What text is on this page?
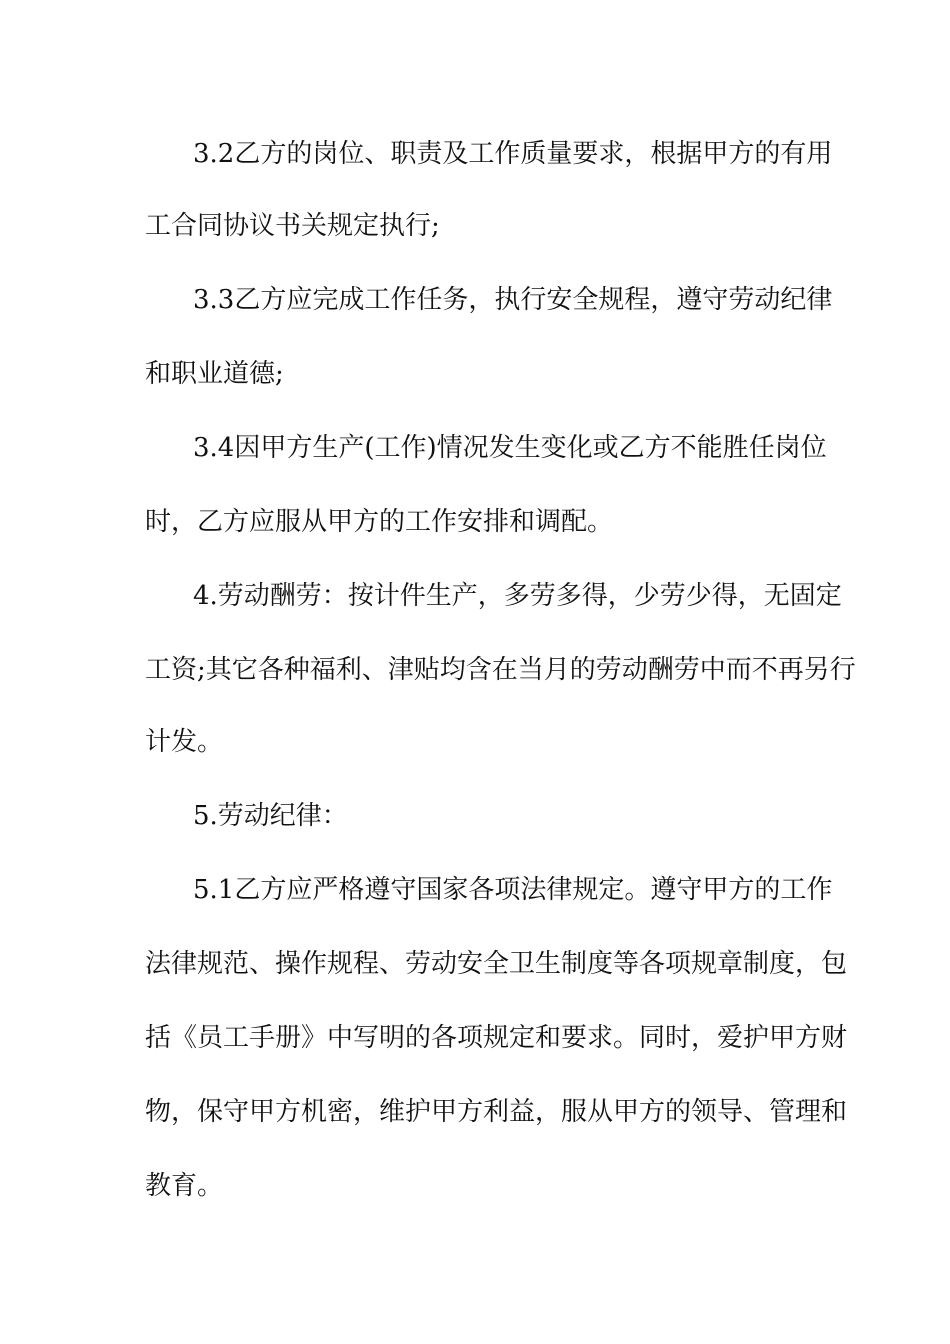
3.2乙方的岗位、职责及工作质量要求，根据甲方的有用
工合同协议书关规定执行;
3.3乙方应完成工作任务，执行安全规程，遵守劳动纪律
和职业道德;
3.4因甲方生产(工作)情况发生变化或乙方不能胜任岗位
时，乙方应服从甲方的工作安排和调配。
4.劳动酬劳：按计件生产，多劳多得，少劳少得，无固定
工资;其它各种福利、津贴均含在当月的劳动酬劳中而不再另行
计发。
5.劳动纪律：
5.1乙方应严格遵守国家各项法律规定。遵守甲方的工作
法律规范、操作规程、劳动安全卫生制度等各项规章制度，包
括《员工手册》中写明的各项规定和要求。同时，爱护甲方财
物，保守甲方机密，维护甲方利益，服从甲方的领导、管理和
教育。
